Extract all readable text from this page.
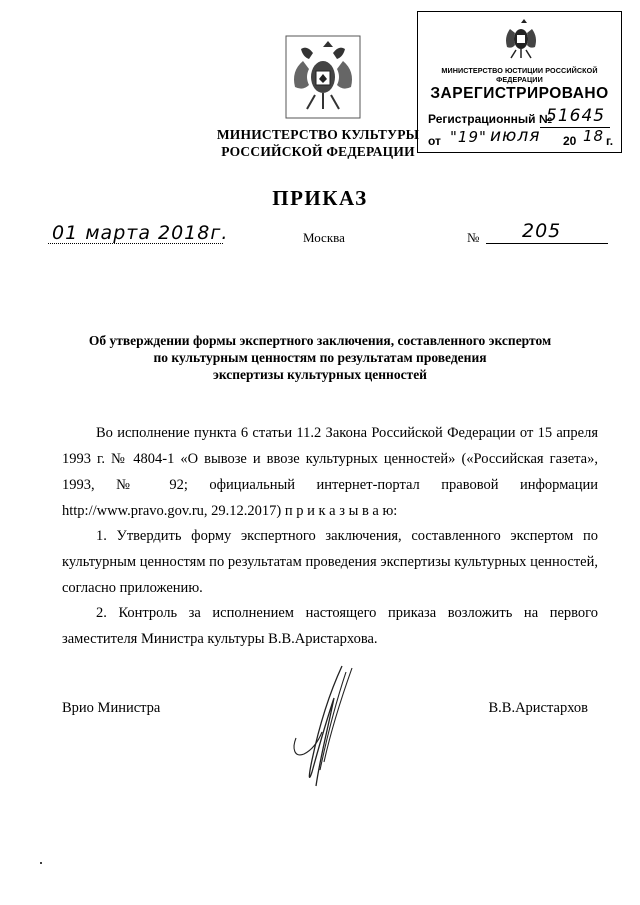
МИНИСТЕРСТВО КУЛЬТУРЫ
РОССИЙСКОЙ ФЕДЕРАЦИИ
МИНИСТЕРСТВО ЮСТИЦИИ РОССИЙСКОЙ ФЕДЕРАЦИИ
ЗАРЕГИСТРИРОВАНО
Регистрационный №
51645
от "19" июля 20 18 г.
ПРИКАЗ
01 марта 2018г.	Москва	№ 205
Об утверждении формы экспертного заключения, составленного экспертом
по культурным ценностям по результатам проведения
экспертизы культурных ценностей

Во исполнение пункта 6 статьи 11.2 Закона Российской Федерации от 15 апреля 1993 г. № 4804-1 «О вывозе и ввозе культурных ценностей» («Российская газета», 1993, № 92; официальный интернет-портал правовой информации http://www.pravo.gov.ru, 29.12.2017) п р и к а з ы в а ю:

1. Утвердить форму экспертного заключения, составленного экспертом по культурным ценностям по результатам проведения экспертизы культурных ценностей, согласно приложению.

2. Контроль за исполнением настоящего приказа возложить на первого заместителя Министра культуры В.В.Аристархова.

Врио Министра	В.В.Аристархов
